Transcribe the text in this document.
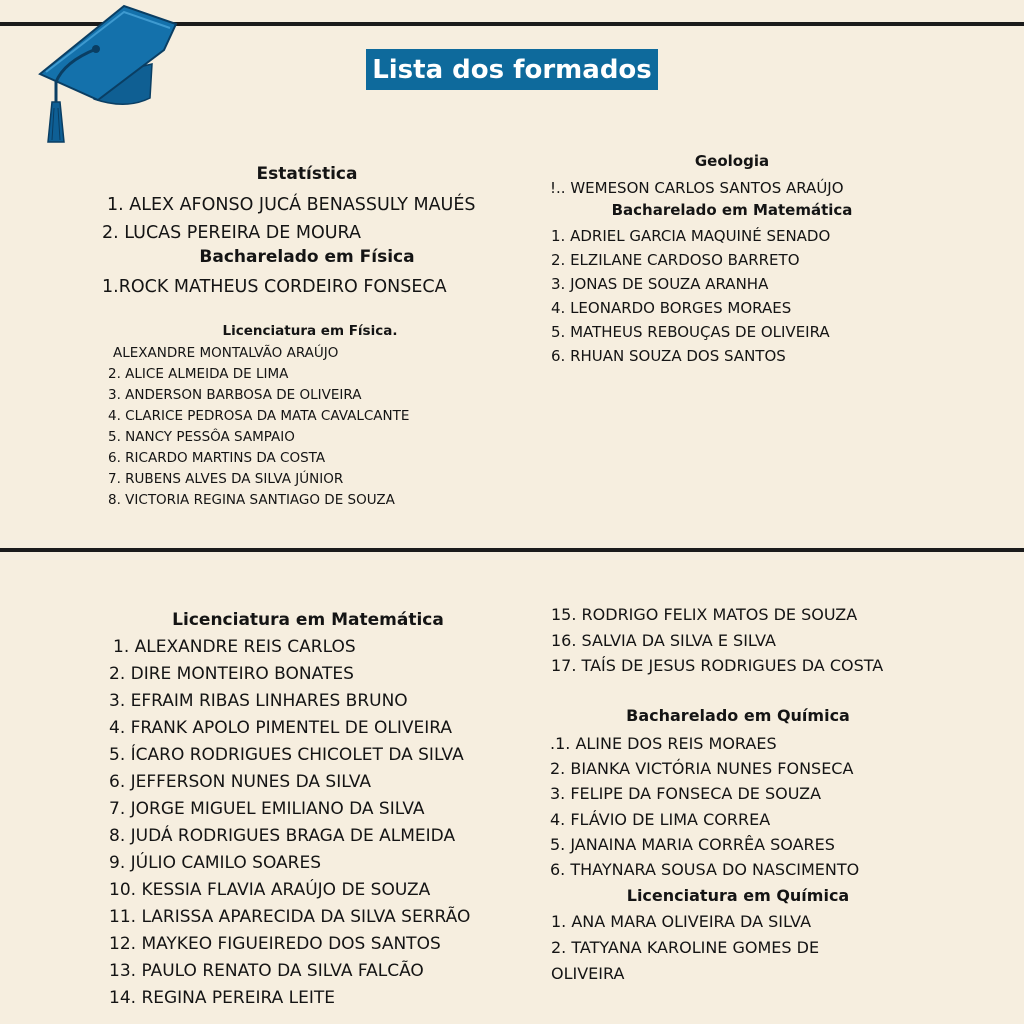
Lista dos formados
Estatística
1. ALEX AFONSO JUCÁ BENASSULY MAUÉS
2. LUCAS PEREIRA DE MOURA
Bacharelado em Física
1.ROCK MATHEUS CORDEIRO FONSECA
Licenciatura em Física.
ALEXANDRE MONTALVÃO ARAÚJO
2. ALICE ALMEIDA DE LIMA
3. ANDERSON BARBOSA DE OLIVEIRA
4. CLARICE PEDROSA DA MATA CAVALCANTE
5. NANCY PESSÔA SAMPAIO
6. RICARDO MARTINS DA COSTA
7. RUBENS ALVES DA SILVA JÚNIOR
8. VICTORIA REGINA SANTIAGO DE SOUZA
Geologia
!.. WEMESON CARLOS SANTOS ARAÚJO
Bacharelado em Matemática
1. ADRIEL GARCIA MAQUINÉ SENADO
2. ELZILANE CARDOSO BARRETO
3. JONAS DE SOUZA ARANHA
4. LEONARDO BORGES MORAES
5. MATHEUS REBOUÇAS DE OLIVEIRA
6. RHUAN SOUZA DOS SANTOS
Licenciatura em Matemática
1. ALEXANDRE REIS CARLOS
2. DIRE MONTEIRO BONATES
3. EFRAIM RIBAS LINHARES BRUNO
4. FRANK APOLO PIMENTEL DE OLIVEIRA
5. ÍCARO RODRIGUES CHICOLET DA SILVA
6. JEFFERSON NUNES DA SILVA
7. JORGE MIGUEL EMILIANO DA SILVA
8. JUDÁ RODRIGUES BRAGA DE ALMEIDA
9. JÚLIO CAMILO SOARES
10. KESSIA FLAVIA ARAÚJO DE SOUZA
11. LARISSA APARECIDA DA SILVA SERRÃO
12. MAYKEO FIGUEIREDO DOS SANTOS
13. PAULO RENATO DA SILVA FALCÃO
14. REGINA PEREIRA LEITE
15. RODRIGO FELIX MATOS DE SOUZA
16. SALVIA DA SILVA E SILVA
17. TAÍS DE JESUS RODRIGUES DA COSTA
Bacharelado em Química
.1. ALINE DOS REIS MORAES
2. BIANKA VICTÓRIA NUNES FONSECA
3. FELIPE DA FONSECA DE SOUZA
4. FLÁVIO DE LIMA CORREA
5. JANAINA MARIA CORRÊA SOARES
6. THAYNARA SOUSA DO NASCIMENTO
Licenciatura em Química
1. ANA MARA OLIVEIRA DA SILVA
2. TATYANA KAROLINE GOMES DE
OLIVEIRA
